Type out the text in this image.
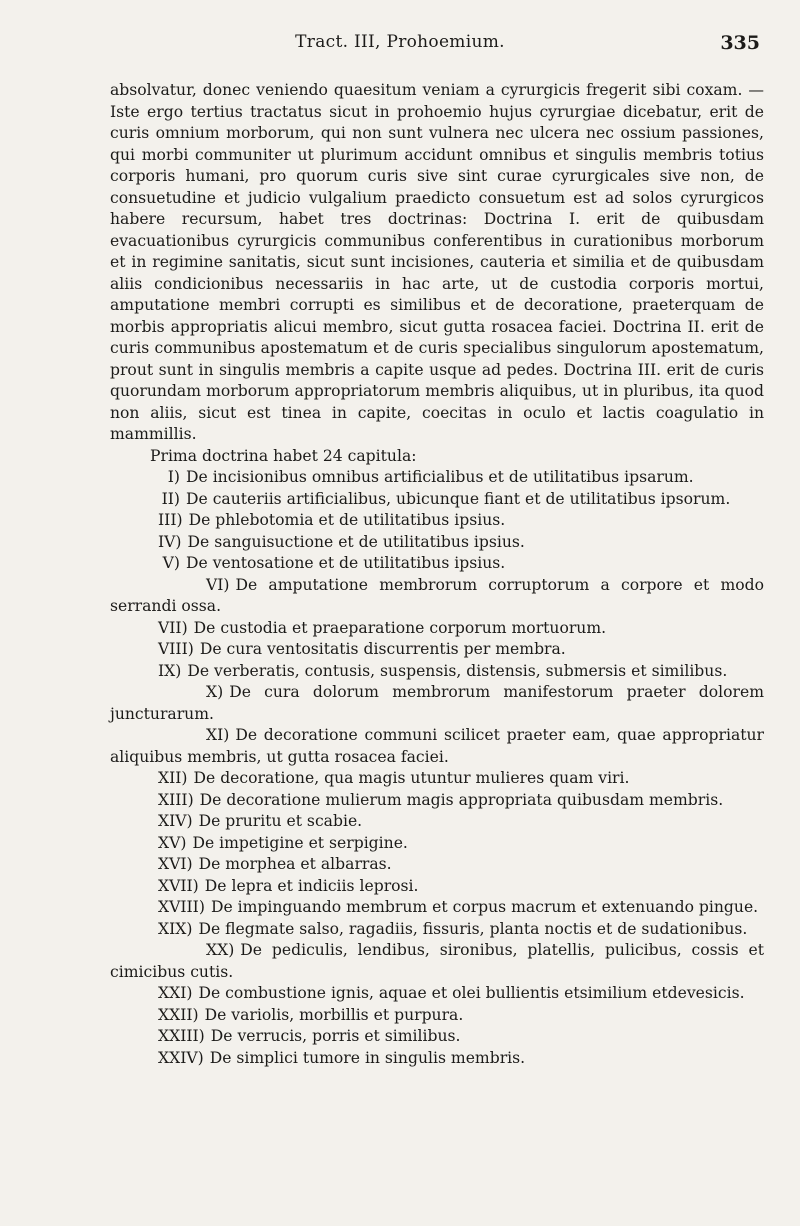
Tract. III, Prohoemium.	335
absolvatur, donec veniendo quaesitum veniam a cyrurgicis fregerit sibi coxam. — Iste ergo tertius tractatus sicut in prohoemio hujus cyrurgiae dicebatur, erit de curis omnium morborum, qui non sunt vulnera nec ulcera nec ossium passiones, qui morbi communiter ut plurimum accidunt omnibus et singulis membris totius corporis humani, pro quorum curis sive sint curae cyrurgicales sive non, de consuetudine et judicio vulgalium praedicto consuetum est ad solos cyrurgicos habere recursum, habet tres doctrinas: Doctrina I. erit de quibusdam evacuationibus cyrurgicis communibus conferentibus in curationibus morborum et in regimine sanitatis, sicut sunt incisiones, cauteria et similia et de quibusdam aliis condicionibus necessariis in hac arte, ut de custodia corporis mortui, amputatione membri corrupti es similibus et de decoratione, praeterquam de morbis appropriatis alicui membro, sicut gutta rosacea faciei. Doctrina II. erit de curis communibus apostematum et de curis specialibus singulorum apostematum, prout sunt in singulis membris a capite usque ad pedes. Doctrina III. erit de curis quorundam morborum appropriatorum membris aliquibus, ut in pluribus, ita quod non aliis, sicut est tinea in capite, coecitas in oculo et lactis coagulatio in mammillis.
Prima doctrina habet 24 capitula:
I) De incisionibus omnibus artificialibus et de utilitatibus ipsarum.
II) De cauteriis artificialibus, ubicunque fiant et de utilitatibus ipsorum.
III) De phlebotomia et de utilitatibus ipsius.
IV) De sanguisuctione et de utilitatibus ipsius.
V) De ventosatione et de utilitatibus ipsius.
VI) De amputatione membrorum corruptorum a corpore et modo serrandi ossa.
VII) De custodia et praeparatione corporum mortuorum.
VIII) De cura ventositatis discurrentis per membra.
IX) De verberatis, contusis, suspensis, distensis, submersis et similibus.
X) De cura dolorum membrorum manifestorum praeter dolorem juncturarum.
XI) De decoratione communi scilicet praeter eam, quae appropriatur aliquibus membris, ut gutta rosacea faciei.
XII) De decoratione, qua magis utuntur mulieres quam viri.
XIII) De decoratione mulierum magis appropriata quibusdam membris.
XIV) De pruritu et scabie.
XV) De impetigine et serpigine.
XVI) De morphea et albarras.
XVII) De lepra et indiciis leprosi.
XVIII) De impinguando membrum et corpus macrum et extenuando pingue.
XIX) De flegmate salso, ragadiis, fissuris, planta noctis et de sudationibus.
XX) De pediculis, lendibus, sironibus, platellis, pulicibus, cossis et cimicibus cutis.
XXI) De combustione ignis, aquae et olei bullientis etsimilium etdevesicis.
XXII) De variolis, morbillis et purpura.
XXIII) De verrucis, porris et similibus.
XXIV) De simplici tumore in singulis membris.
